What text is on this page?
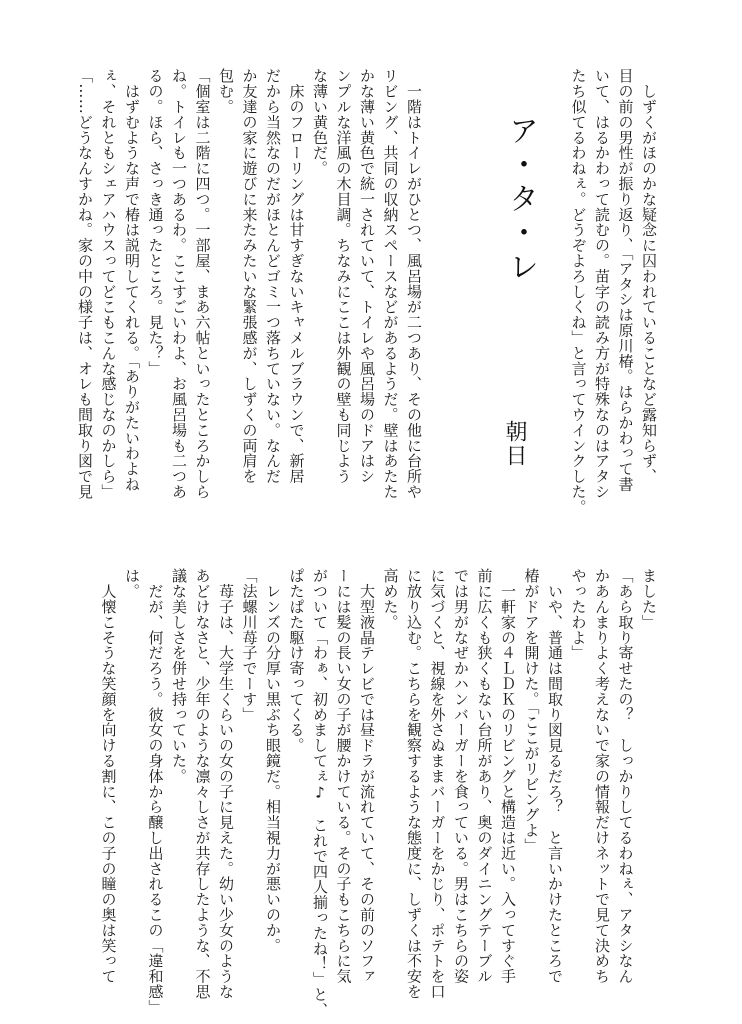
　しずくがほのかな疑念に囚われていることなど露知らず、

目の前の男性が振り返り、「アタシは原川椿。はらかわって書

いて、はるかわって読むの。苗字の読み方が特殊なのはアタシ

たち似てるわねぇ。どうぞよろしくね」と言ってウインクした。

ア・タ・レ
朝日

　一階はトイレがひとつ、風呂場が二つあり、その他に台所や

リビング、共同の収納スペースなどがあるようだ。壁はあたた

かな薄い黄色で統一されていて、トイレや風呂場のドアはシ

ンプルな洋風の木目調。ちなみにここは外観の壁も同じよう

な薄い黄色だ。

　床のフローリングは甘すぎないキャメルブラウンで、新居

だから当然なのだがほとんどゴミ一つ落ちていない。なんだ

か友達の家に遊びに来たみたいな緊張感が、しずくの両肩を

包む。

「個室は二階に四つ。一部屋、まあ六帖といったところかしら

ね。トイレも一つあるわ。ここすごいわよ、お風呂場も二つあ

るの。ほら、さっき通ったところ。見た？」

　はずむような声で椿は説明してくれる。「ありがたいわよね

ぇ、それともシェアハウスってどこもこんな感じなのかしら」

「……どうなんすかね。家の中の様子は、オレも間取り図で見

ました」

「あら取り寄せたの？　しっかりしてるわねぇ、アタシなん

かあんまりよく考えないで家の情報だけネットで見て決めち

やったわよ」

　いや、普通は間取り図見るだろ？　と言いかけたところで

椿がドアを開けた。「ここがリビングよ」

　一軒家の４ＬＤＫのリビングと構造は近い。入ってすぐ手

前に広くも狭くもない台所があり、奥のダイニングテーブル

では男がなぜかハンバーガーを食っている。男はこちらの姿

に気づくと、視線を外さぬままバーガーをかじり、ポテトを口

に放り込む。こちらを観察するような態度に、しずくは不安を

高めた。

　大型液晶テレビでは昼ドラが流れていて、その前のソファ

ーには髪の長い女の子が腰かけている。その子もこちらに気

がついて「わぁ、初めましてぇ♪　これで四人揃ったね！」と、

ぱたぱた駆け寄ってくる。

　レンズの分厚い黒ぶち眼鏡だ。相当視力が悪いのか。

「法螺川苺子でーす」

　苺子は、大学生くらいの女の子に見えた。幼い少女のような

あどけなさと、少年のような凛々しさが共存したような、不思

議な美しさを併せ持っていた。

　だが、何だろう。彼女の身体から醸し出されるこの「違和感」

は。

　人懐こそうな笑顔を向ける割に、この子の瞳の奥は笑って
